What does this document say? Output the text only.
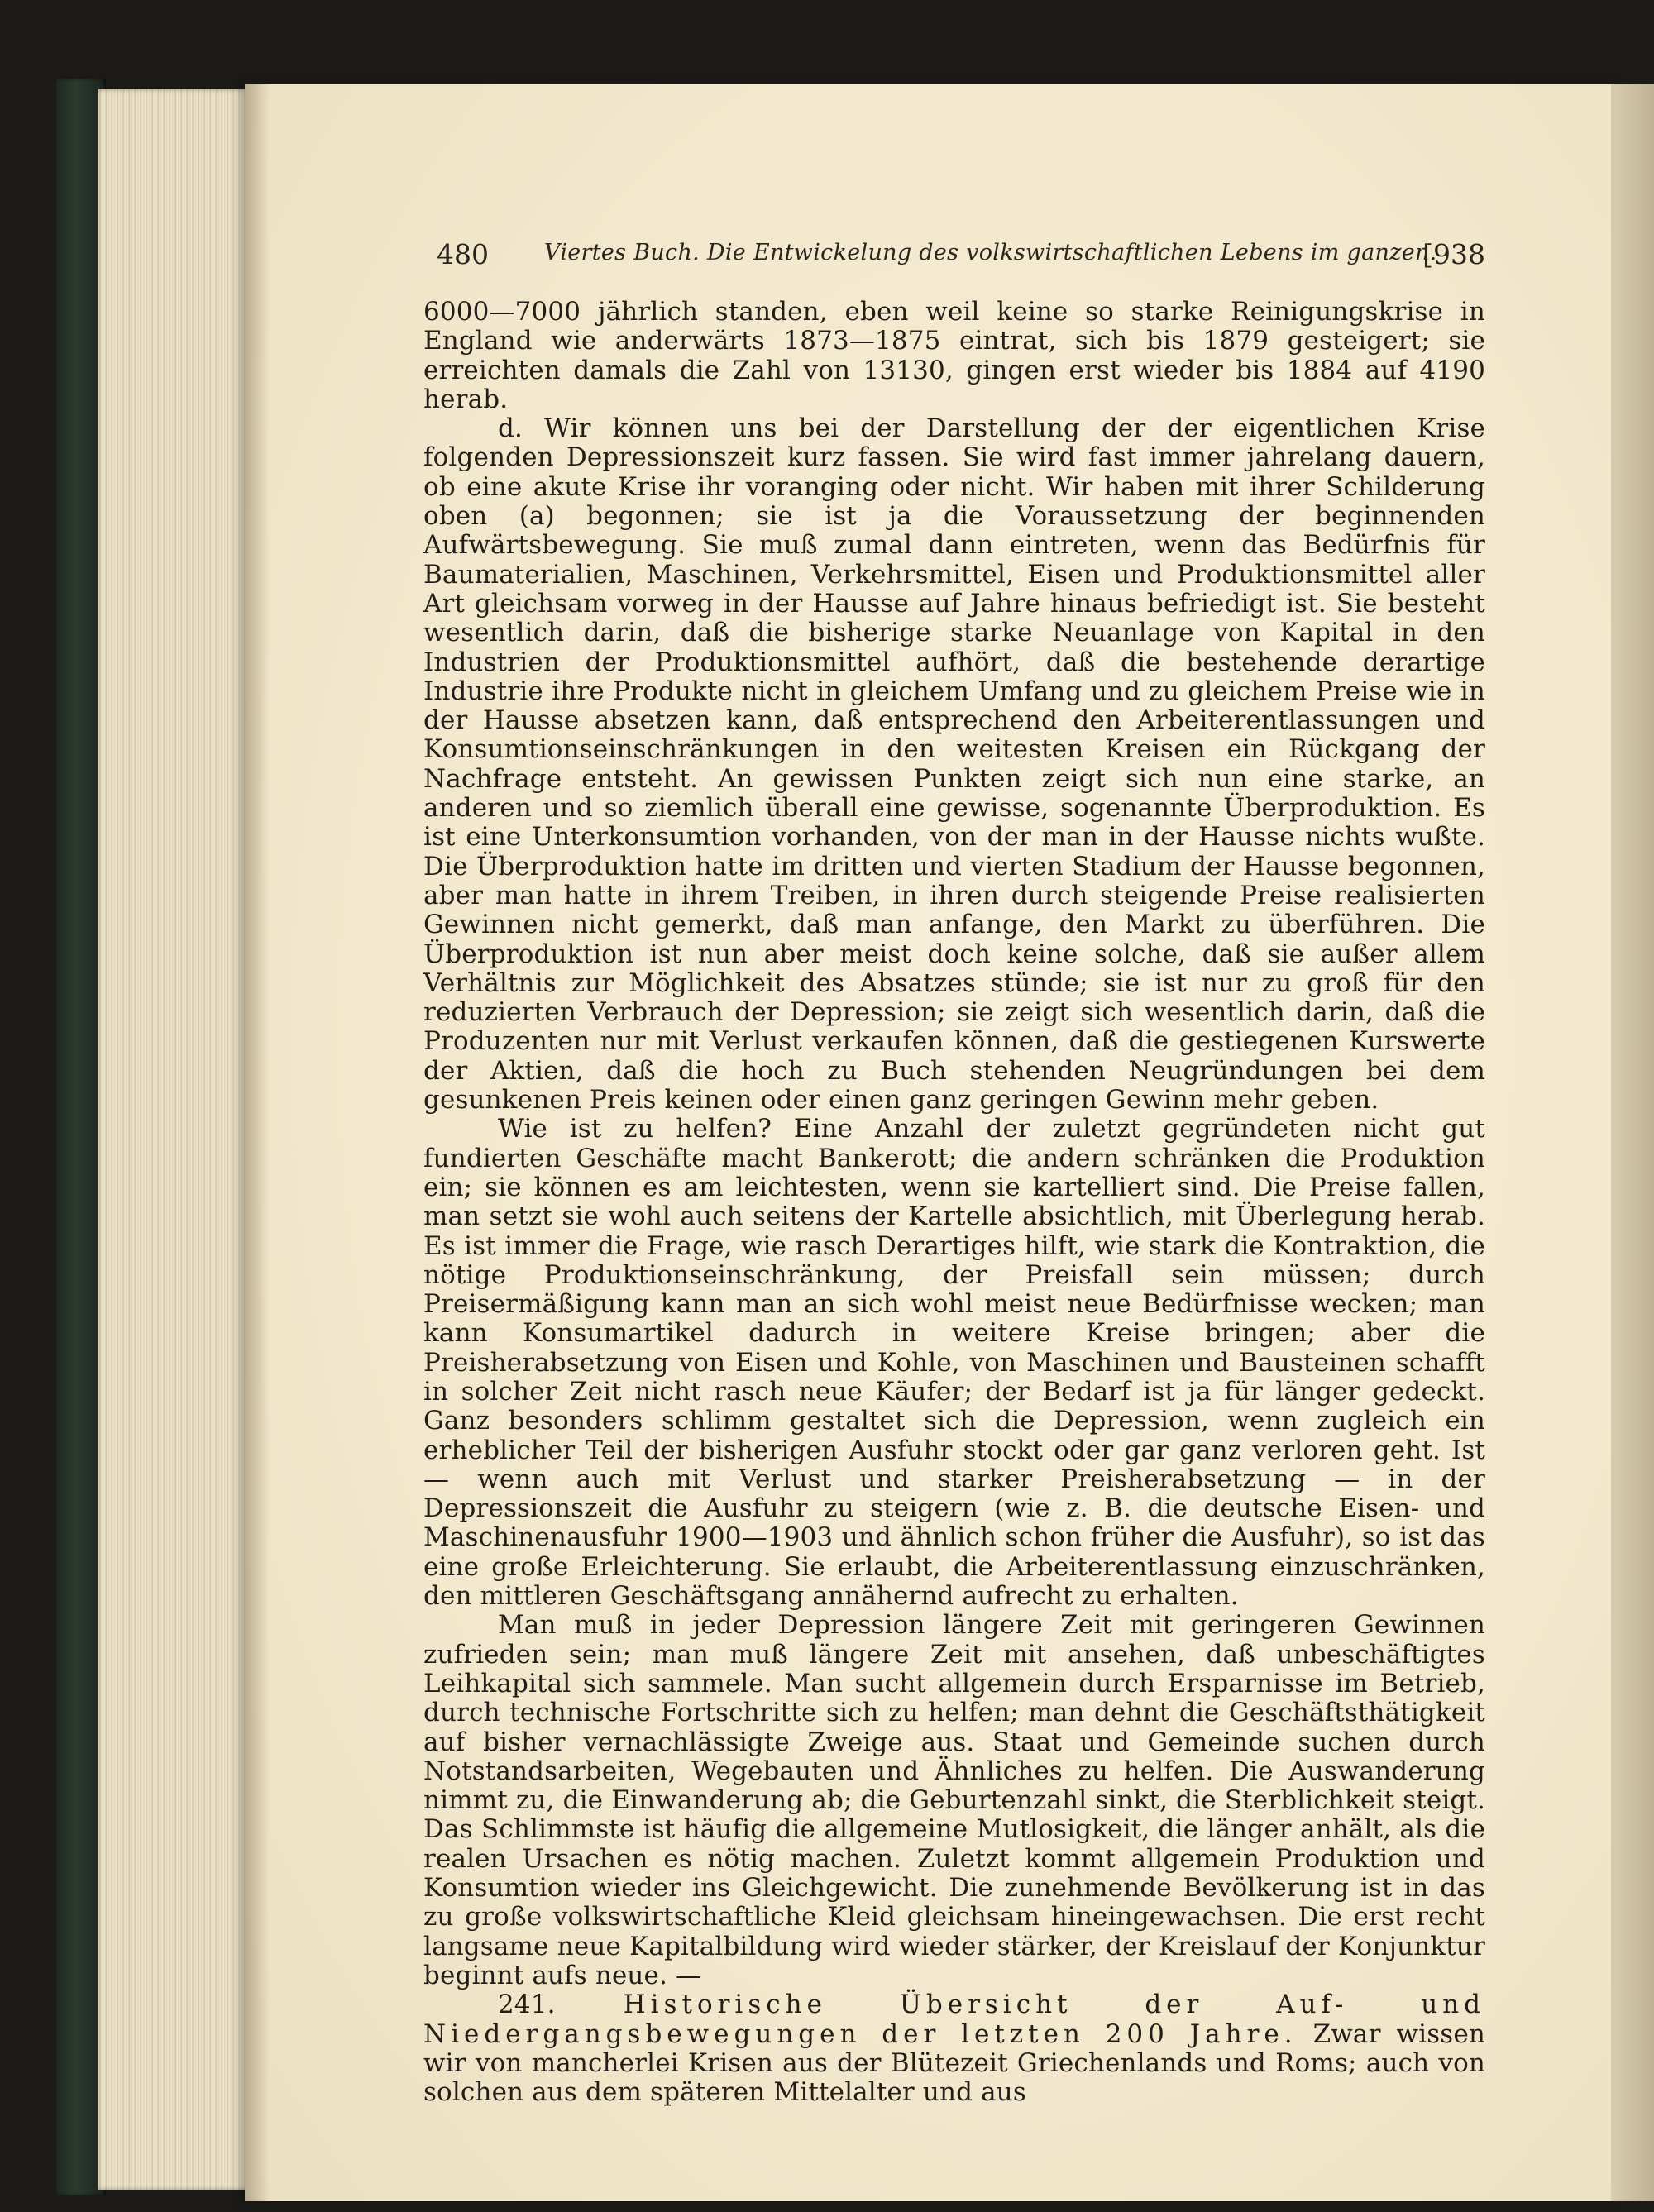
480 Viertes Buch. Die Entwickelung des volkswirtschaftlichen Lebens im ganzen.
[938

6000—7000 jährlich standen, eben weil keine so starke Reinigungskrise in England wie anderwärts 1873—1875 eintrat, sich bis 1879 gesteigert; sie erreichten damals die Zahl von 13130, gingen erst wieder bis 1884 auf 4190 herab.

d. Wir können uns bei der Darstellung der der eigentlichen Krise folgenden Depressionszeit kurz fassen. Sie wird fast immer jahrelang dauern, ob eine akute Krise ihr voranging oder nicht. Wir haben mit ihrer Schilderung oben (a) begonnen; sie ist ja die Voraussetzung der beginnenden Aufwärtsbewegung. Sie muß zumal dann eintreten, wenn das Bedürfnis für Baumaterialien, Maschinen, Verkehrsmittel, Eisen und Produktionsmittel aller Art gleichsam vorweg in der Hausse auf Jahre hinaus befriedigt ist. Sie besteht wesentlich darin, daß die bisherige starke Neuanlage von Kapital in den Industrien der Produktionsmittel aufhört, daß die bestehende derartige Industrie ihre Produkte nicht in gleichem Umfang und zu gleichem Preise wie in der Hausse absetzen kann, daß entsprechend den Arbeiterentlassungen und Konsumtionseinschränkungen in den weitesten Kreisen ein Rückgang der Nachfrage entsteht. An gewissen Punkten zeigt sich nun eine starke, an anderen und so ziemlich überall eine gewisse, sogenannte Überproduktion. Es ist eine Unterkonsumtion vorhanden, von der man in der Hausse nichts wußte. Die Überproduktion hatte im dritten und vierten Stadium der Hausse begonnen, aber man hatte in ihrem Treiben, in ihren durch steigende Preise realisierten Gewinnen nicht gemerkt, daß man anfange, den Markt zu überführen. Die Überproduktion ist nun aber meist doch keine solche, daß sie außer allem Verhältnis zur Möglichkeit des Absatzes stünde; sie ist nur zu groß für den reduzierten Verbrauch der Depression; sie zeigt sich wesentlich darin, daß die Produzenten nur mit Verlust verkaufen können, daß die gestiegenen Kurswerte der Aktien, daß die hoch zu Buch stehenden Neugründungen bei dem gesunkenen Preis keinen oder einen ganz geringen Gewinn mehr geben.

Wie ist zu helfen? Eine Anzahl der zuletzt gegründeten nicht gut fundierten Geschäfte macht Bankerott; die andern schränken die Produktion ein; sie können es am leichtesten, wenn sie kartelliert sind. Die Preise fallen, man setzt sie wohl auch seitens der Kartelle absichtlich, mit Überlegung herab. Es ist immer die Frage, wie rasch Derartiges hilft, wie stark die Kontraktion, die nötige Produktionseinschränkung, der Preisfall sein müssen; durch Preisermäßigung kann man an sich wohl meist neue Bedürfnisse wecken; man kann Konsumartikel dadurch in weitere Kreise bringen; aber die Preisherabsetzung von Eisen und Kohle, von Maschinen und Bausteinen schafft in solcher Zeit nicht rasch neue Käufer; der Bedarf ist ja für länger gedeckt. Ganz besonders schlimm gestaltet sich die Depression, wenn zugleich ein erheblicher Teil der bisherigen Ausfuhr stockt oder gar ganz verloren geht. Ist — wenn auch mit Verlust und starker Preisherabsetzung — in der Depressionszeit die Ausfuhr zu steigern (wie z. B. die deutsche Eisen- und Maschinenausfuhr 1900—1903 und ähnlich schon früher die Ausfuhr), so ist das eine große Erleichterung. Sie erlaubt, die Arbeiterentlassung einzuschränken, den mittleren Geschäftsgang annähernd aufrecht zu erhalten.

Man muß in jeder Depression längere Zeit mit geringeren Gewinnen zufrieden sein; man muß längere Zeit mit ansehen, daß unbeschäftigtes Leihkapital sich sammele. Man sucht allgemein durch Ersparnisse im Betrieb, durch technische Fortschritte sich zu helfen; man dehnt die Geschäftsthätigkeit auf bisher vernachlässigte Zweige aus. Staat und Gemeinde suchen durch Notstandsarbeiten, Wegebauten und Ähnliches zu helfen. Die Auswanderung nimmt zu, die Einwanderung ab; die Geburtenzahl sinkt, die Sterblichkeit steigt. Das Schlimmste ist häufig die allgemeine Mutlosigkeit, die länger anhält, als die realen Ursachen es nötig machen. Zuletzt kommt allgemein Produktion und Konsumtion wieder ins Gleichgewicht. Die zunehmende Bevölkerung ist in das zu große volkswirtschaftliche Kleid gleichsam hineingewachsen. Die erst recht langsame neue Kapitalbildung wird wieder stärker, der Kreislauf der Konjunktur beginnt aufs neue. —

241.	Historische Übersicht der Auf- und Niedergangsbewegungen der letzten 200 Jahre. Zwar wissen wir von mancherlei Krisen aus der Blütezeit Griechenlands und Roms; auch von solchen aus dem späteren Mittelalter und aus
